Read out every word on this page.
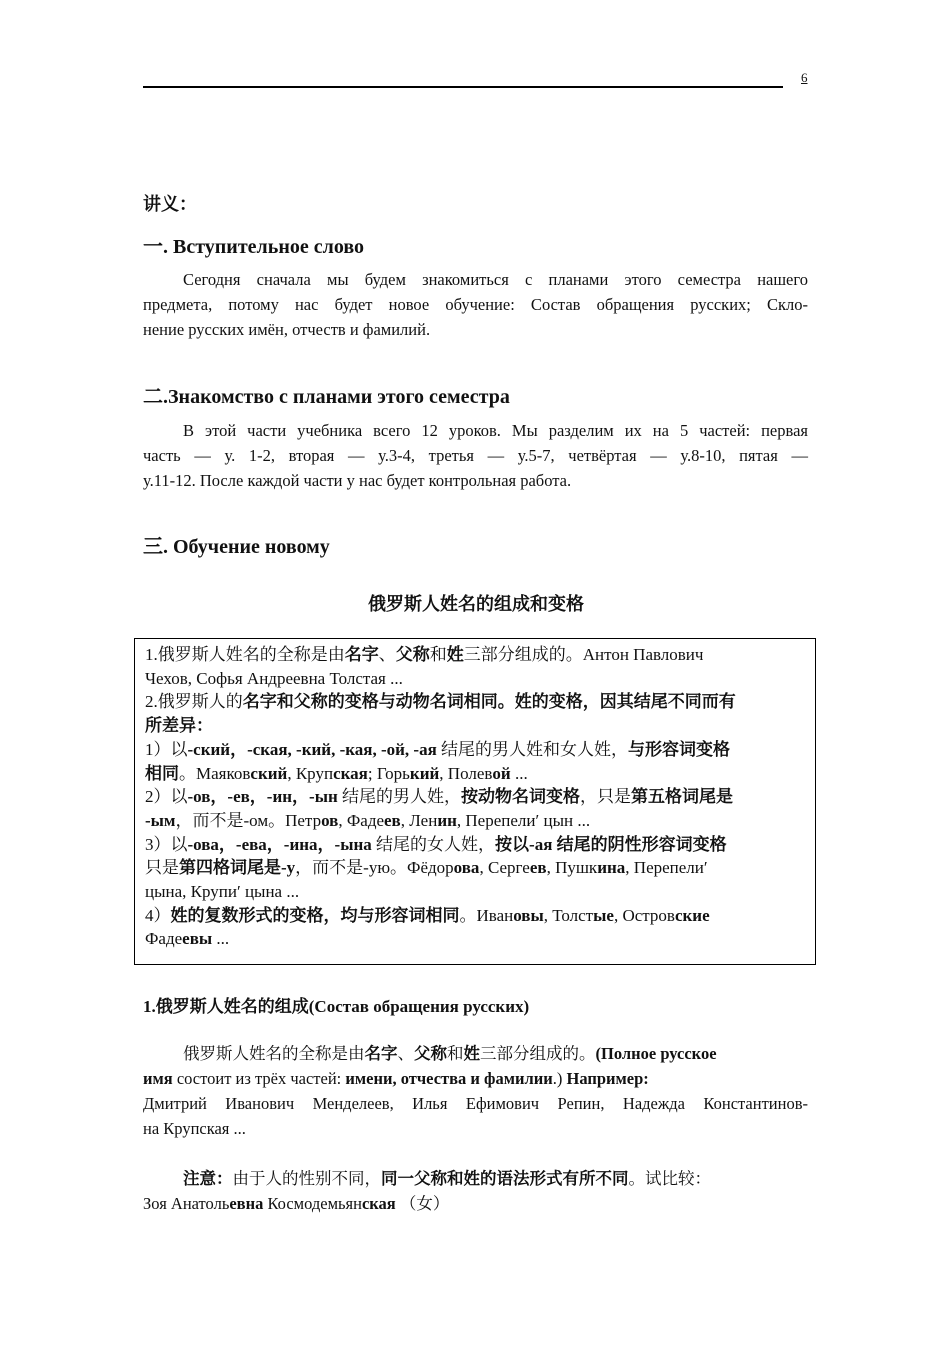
6
讲义：
一. Вступительное слово
Сегодня сначала мы будем знакомиться с планами этого семестра нашего
предмета, потому нас будет новое обучение: Состав обращения русских; Скло-
нение русских имён, отчеств и фамилий.
二.Знакомство с планами этого семестра
В этой части учебника всего 12 уроков. Мы разделим их на 5 частей: первая
часть — у. 1-2, вторая — у.3-4, третья — у.5-7, четвёртая — у.8-10, пятая —
у.11-12. После каждой части у нас будет контрольная работа.
三. Обучение новому
俄罗斯人姓名的组成和变格
1.俄罗斯人姓名的全称是由名字、父称和姓三部分组成的。Антон Павлович
Чехов, Софья Андреевна Толстая ...
2.俄罗斯人的名字和父称的变格与动物名词相同。姓的变格，因其结尾不同而有
所差异：
1）以-ский，-ская, -кий, -кая, -ой, -ая 结尾的男人姓和女人姓，与形容词变格
相同。Маяковский, Крупская; Горький, Полевой ...
2）以-ов，-ев，-ин，-ын 结尾的男人姓，按动物名词变格，只是第五格词尾是
-ым，而不是-ом。Петров, Фадеев, Ленин, Перепели′ цын ...
3）以-ова，-ева，-ина，-ына 结尾的女人姓，按以-ая 结尾的阴性形容词变格
只是第四格词尾是-у，而不是-ую。Фёдорова, Сергеев, Пушкина, Перепели′
цына, Крупи′ цына ...
4）姓的复数形式的变格，均与形容词相同。Ивановы, Толстые, Островские
Фадеевы ...
1.俄罗斯人姓名的组成(Состав обращения русских)
俄罗斯人姓名的全称是由名字、父称和姓三部分组成的。(Полное русское
имя состоит из трёх частей: имени, отчества и фамилии.) Например:
Дмитрий Иванович Менделеев, Илья Ефимович Репин, Надежда Константинов-
на Крупская ...
注意：由于人的性别不同，同一父称和姓的语法形式有所不同。试比较：
Зоя Анатольевна Космодемьянская （女）
